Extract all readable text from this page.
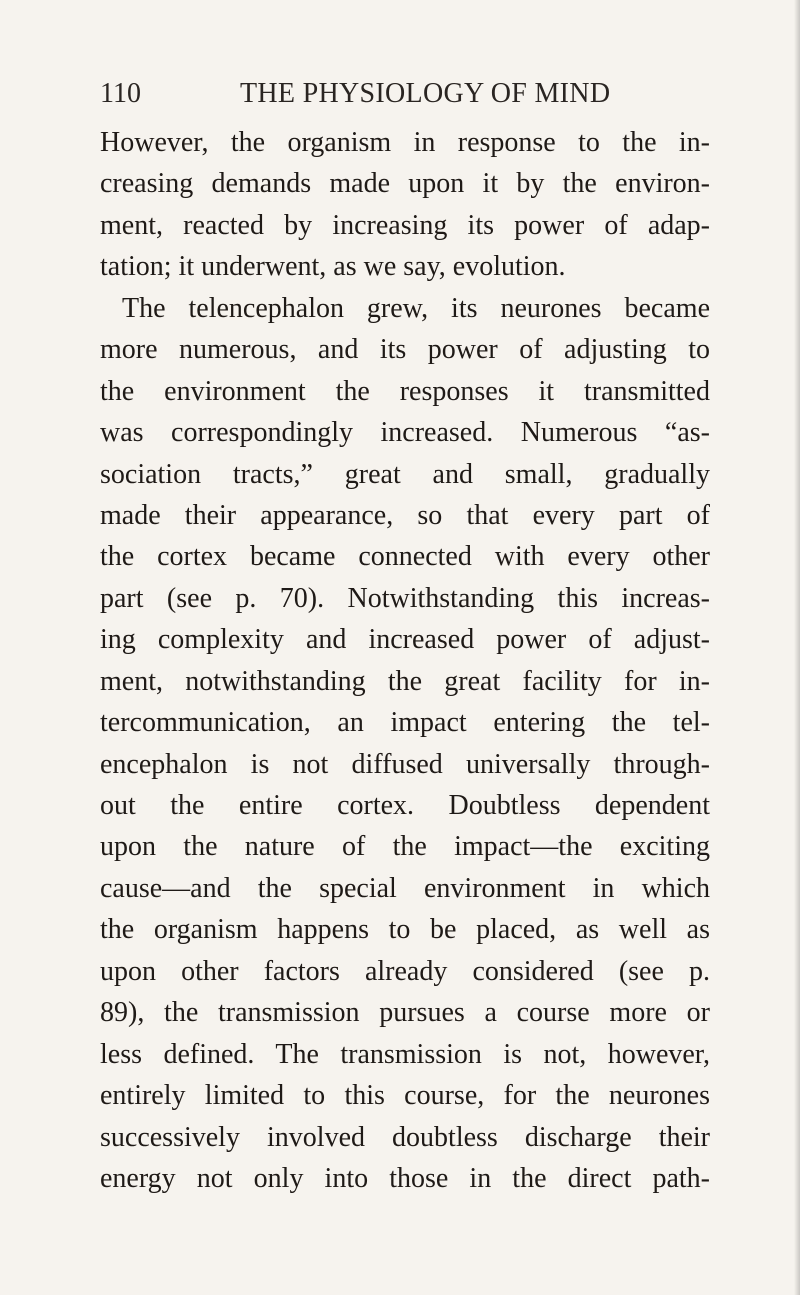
110	THE PHYSIOLOGY OF MIND
However, the organism in response to the in-
creasing demands made upon it by the environ-
ment, reacted by increasing its power of adap-
tation; it underwent, as we say, evolution.
The telencephalon grew, its neurones became
more numerous, and its power of adjusting to
the environment the responses it transmitted
was correspondingly increased. Numerous “as-
sociation tracts,” great and small, gradually
made their appearance, so that every part of
the cortex became connected with every other
part (see p. 70). Notwithstanding this increas-
ing complexity and increased power of adjust-
ment, notwithstanding the great facility for in-
tercommunication, an impact entering the tel-
encephalon is not diffused universally through-
out the entire cortex. Doubtless dependent
upon the nature of the impact—the exciting
cause—and the special environment in which
the organism happens to be placed, as well as
upon other factors already considered (see p.
89), the transmission pursues a course more or
less defined. The transmission is not, however,
entirely limited to this course, for the neurones
successively involved doubtless discharge their
energy not only into those in the direct path-
